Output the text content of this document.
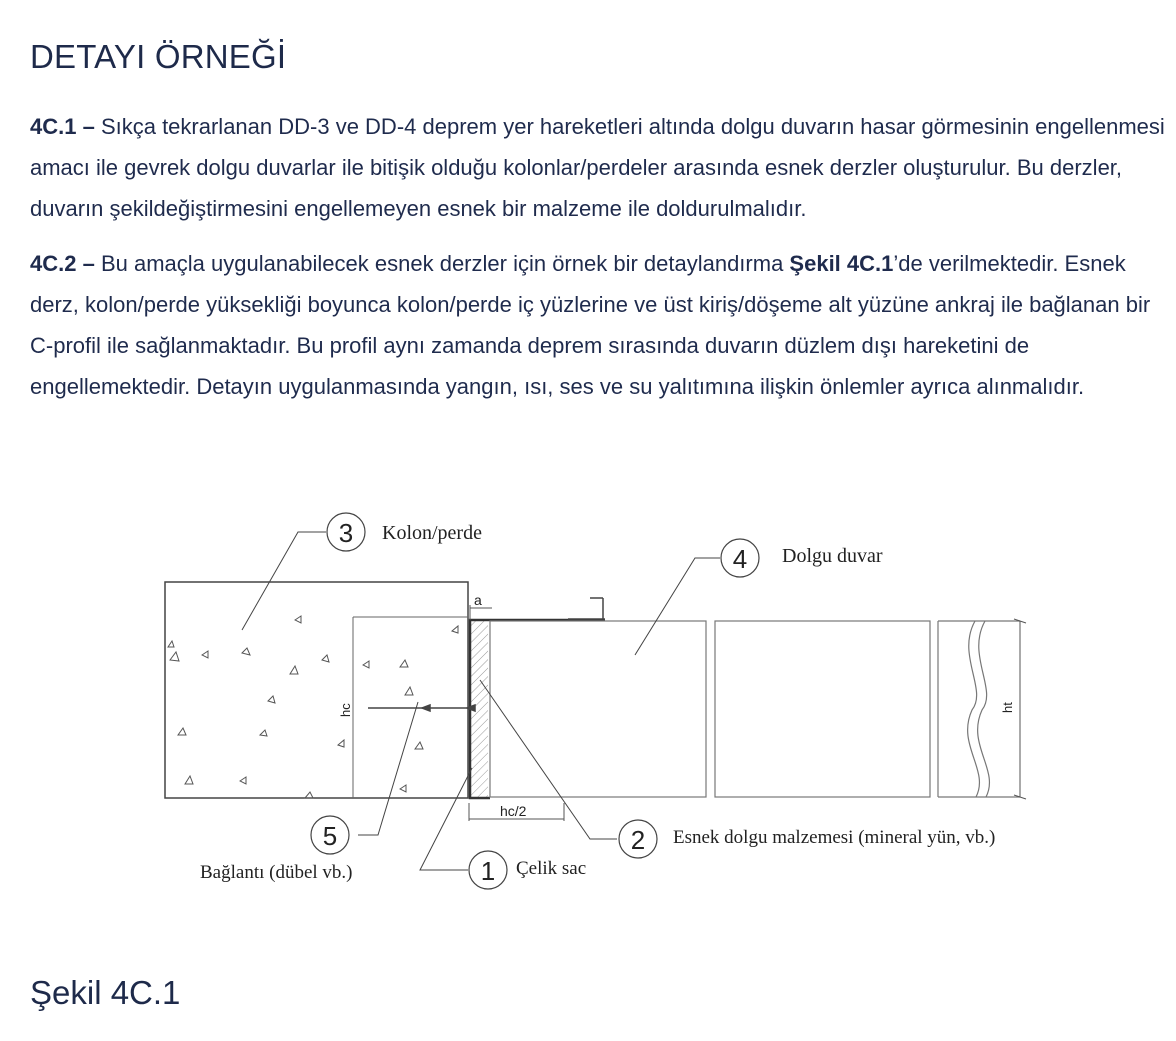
DETAYI ÖRNEĞİ

4C.1 – Sıkça tekrarlanan DD-3 ve DD-4 deprem yer hareketleri altında dolgu duvarın hasar görmesinin engellenmesi amacı ile gevrek dolgu duvarlar ile bitişik olduğu kolonlar/perdeler arasında esnek derzler oluşturulur. Bu derzler, duvarın şekildeğiştirmesini engellemeyen esnek bir malzeme ile doldurulmalıdır.

4C.2 – Bu amaçla uygulanabilecek esnek derzler için örnek bir detaylandırma Şekil 4C.1’de verilmektedir. Esnek derz, kolon/perde yüksekliği boyunca kolon/perde iç yüzlerine ve üst kiriş/döşeme alt yüzüne ankraj ile bağlanan bir C-profil ile sağlanmaktadır. Bu profil aynı zamanda deprem sırasında duvarın düzlem dışı hareketini de engellemektedir. Detayın uygulanmasında yangın, ısı, ses ve su yalıtımına ilişkin önlemler ayrıca alınmalıdır.

ht
hc
a
hc/2
3 Kolon/perde
4 Dolgu duvar
5
Bağlantı (dübel vb.)	1 Çelik sac
2 Esnek dolgu malzemesi (mineral yün, vb.)
Şekil 4C.1
